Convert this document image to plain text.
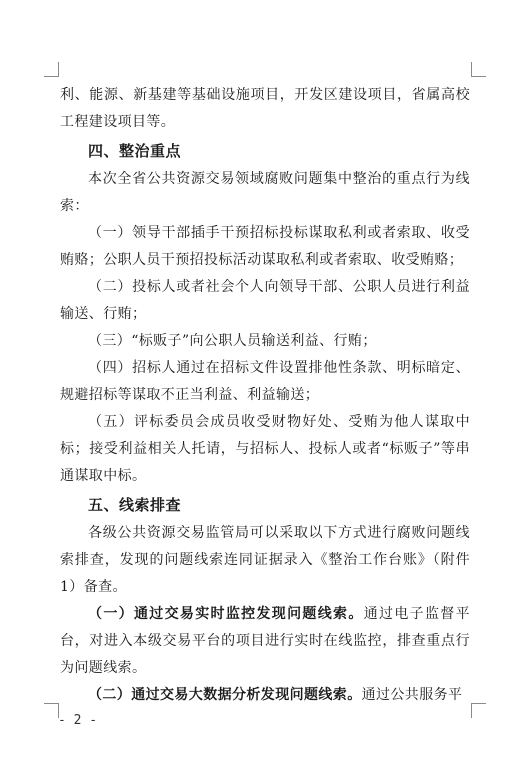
利、能源、新基建等基础设施项目，开发区建设项目，省属高校工程建设项目等。

四、整治重点

本次全省公共资源交易领域腐败问题集中整治的重点行为线索：

（一）领导干部插手干预招标投标谋取私利或者索取、收受贿赂；公职人员干预招投标活动谋取私利或者索取、收受贿赂；

（二）投标人或者社会个人向领导干部、公职人员进行利益输送、行贿；

（三）“标贩子”向公职人员输送利益、行贿；

（四）招标人通过在招标文件设置排他性条款、明标暗定、规避招标等谋取不正当利益、利益输送；

（五）评标委员会成员收受财物好处、受贿为他人谋取中标；接受利益相关人托请，与招标人、投标人或者“标贩子”等串通谋取中标。

五、线索排查

各级公共资源交易监管局可以采取以下方式进行腐败问题线索排查，发现的问题线索连同证据录入《整治工作台账》（附件1）备查。

（一）通过交易实时监控发现问题线索。通过电子监督平台，对进入本级交易平台的项目进行实时在线监控，排查重点行为问题线索。

（二）通过交易大数据分析发现问题线索。通过公共服务平

- 2 -
